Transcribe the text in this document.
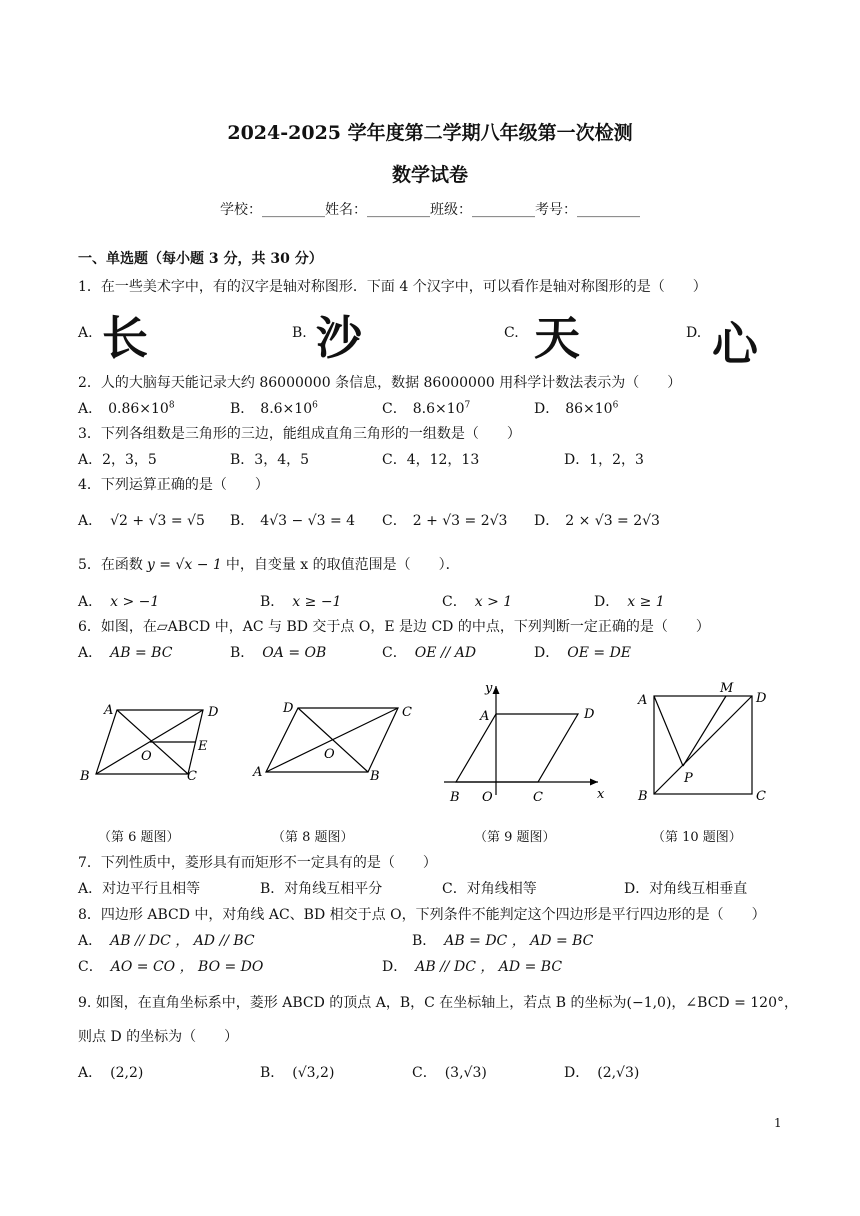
2024-2025 学年度第二学期八年级第一次检测
数学试卷
学校：_________姓名：_________班级：_________考号：_________
一、单选题（每小题 3 分，共 30 分）
1．在一些美术字中，有的汉字是轴对称图形．下面 4 个汉字中，可以看作是轴对称图形的是（　　）
A. 长	B. 沙	C. 天	D. 心
2．人的大脑每天能记录大约 86000000 条信息，数据 86000000 用科学计数法表示为（　　）
A． $0.86\times 10^8$	B． $8.6\times 10^6$	C． $8.6\times 10^7$	D． $86\times 10^6$
3．下列各组数是三角形的三边，能组成直角三角形的一组数是（　　）
A．2，3，5	B．3，4，5	C．4，12，13	D．1，2，3
4．下列运算正确的是（　　）
A． √2 + √3 = √5 B． 4√3 − √3 = 4 C． 2 + √3 = 2√3 D． 2 × √3 = 2√3
5．在函数 y = √x − 1 中，自变量 x 的取值范围是（　　）．
A． x > −1	B． x ≥ −1	C． x > 1	D． x ≥ 1
6．如图，在▱ABCD 中，AC 与 BD 交于点 O，E 是边 CD 的中点，下列判断一定正确的是（　　）
A． AB = BC	B． OA = OB	C． OE // AD	D． OE = DE
A	D
O
E
B	C
D	C
O
A	B
y
A	D
B O	C	x
A
M
D
P
B	C
（第 6 题图）	（第 8 题图）	（第 9 题图）	（第 10 题图）
7．下列性质中，菱形具有而矩形不一定具有的是（　　）
A．对边平行且相等	B．对角线互相平分	C．对角线相等	D．对角线互相垂直
8．四边形 ABCD 中，对角线 AC、BD 相交于点 O，下列条件不能判定这个四边形是平行四边形的是（　　）
A． AB // DC ， AD // BC	B． AB = DC ， AD = BC
C． AO = CO ， BO = DO	D． AB // DC ， AD = BC
9. 如图，在直角坐标系中，菱形 ABCD 的顶点 A，B，C 在坐标轴上，若点 B 的坐标为(−1,0)，∠BCD = 120°，
则点 D 的坐标为（　　）
A． (2,2)	B． (√3,2)	C． (3,√3)	D． (2,√3)
1
